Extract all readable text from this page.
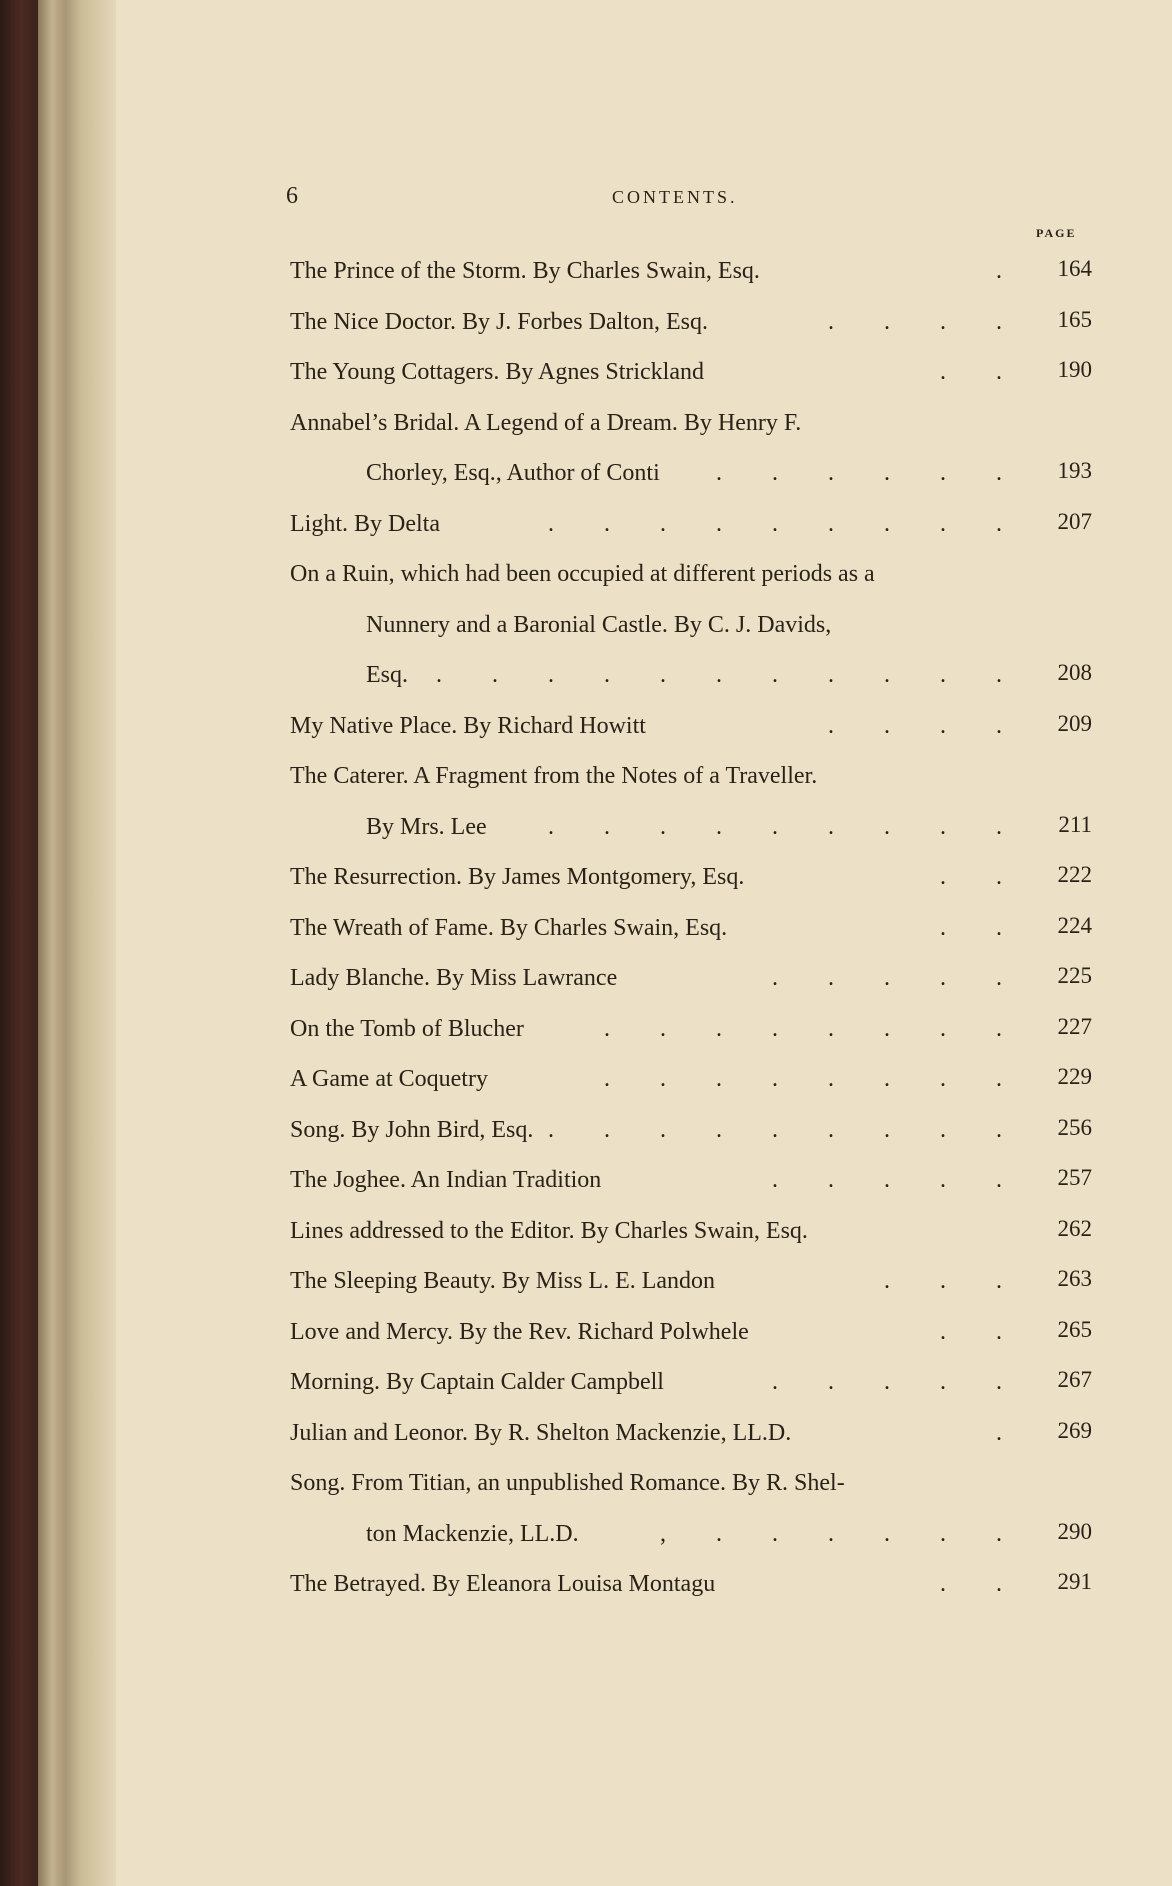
6	CONTENTS.
PAGE
The Prince of the Storm. By Charles Swain, Esq.	. 164
The Nice Doctor. By J. Forbes Dalton, Esq.	. . . . 165
The Young Cottagers. By Agnes Strickland	. . 190
Annabel’s Bridal. A Legend of a Dream. By Henry F.
Chorley, Esq., Author of Conti . . . . . . 193
Light. By Delta	. . . . . . . . . 207
On a Ruin, which had been occupied at different periods as a
Nunnery and a Baronial Castle. By C. J. Davids,
Esq. . . . . . . . . . . . 208
My Native Place. By Richard Howitt	. . . . 209
The Caterer. A Fragment from the Notes of a Traveller.
By Mrs. Lee	. . . . . . . . . 211
The Resurrection. By James Montgomery, Esq.	. . 222
The Wreath of Fame. By Charles Swain, Esq.	. . 224
Lady Blanche. By Miss Lawrance	. . . . . 225
On the Tomb of Blucher	. . . . . . . . 227
A Game at Coquetry	. . . . . . . . 229
Song. By John Bird, Esq. . . . . . . . . . 256
The Joghee. An Indian Tradition	. . . . . 257
Lines addressed to the Editor. By Charles Swain, Esq.	262
The Sleeping Beauty. By Miss L. E. Landon	. . . 263
Love and Mercy. By the Rev. Richard Polwhele	. . 265
Morning. By Captain Calder Campbell	. . . . . 267
Julian and Leonor. By R. Shelton Mackenzie, LL.D.	. 269
Song. From Titian, an unpublished Romance. By R. Shel-
ton Mackenzie, LL.D.	, . . . . . . 290
The Betrayed. By Eleanora Louisa Montagu	. . 291
